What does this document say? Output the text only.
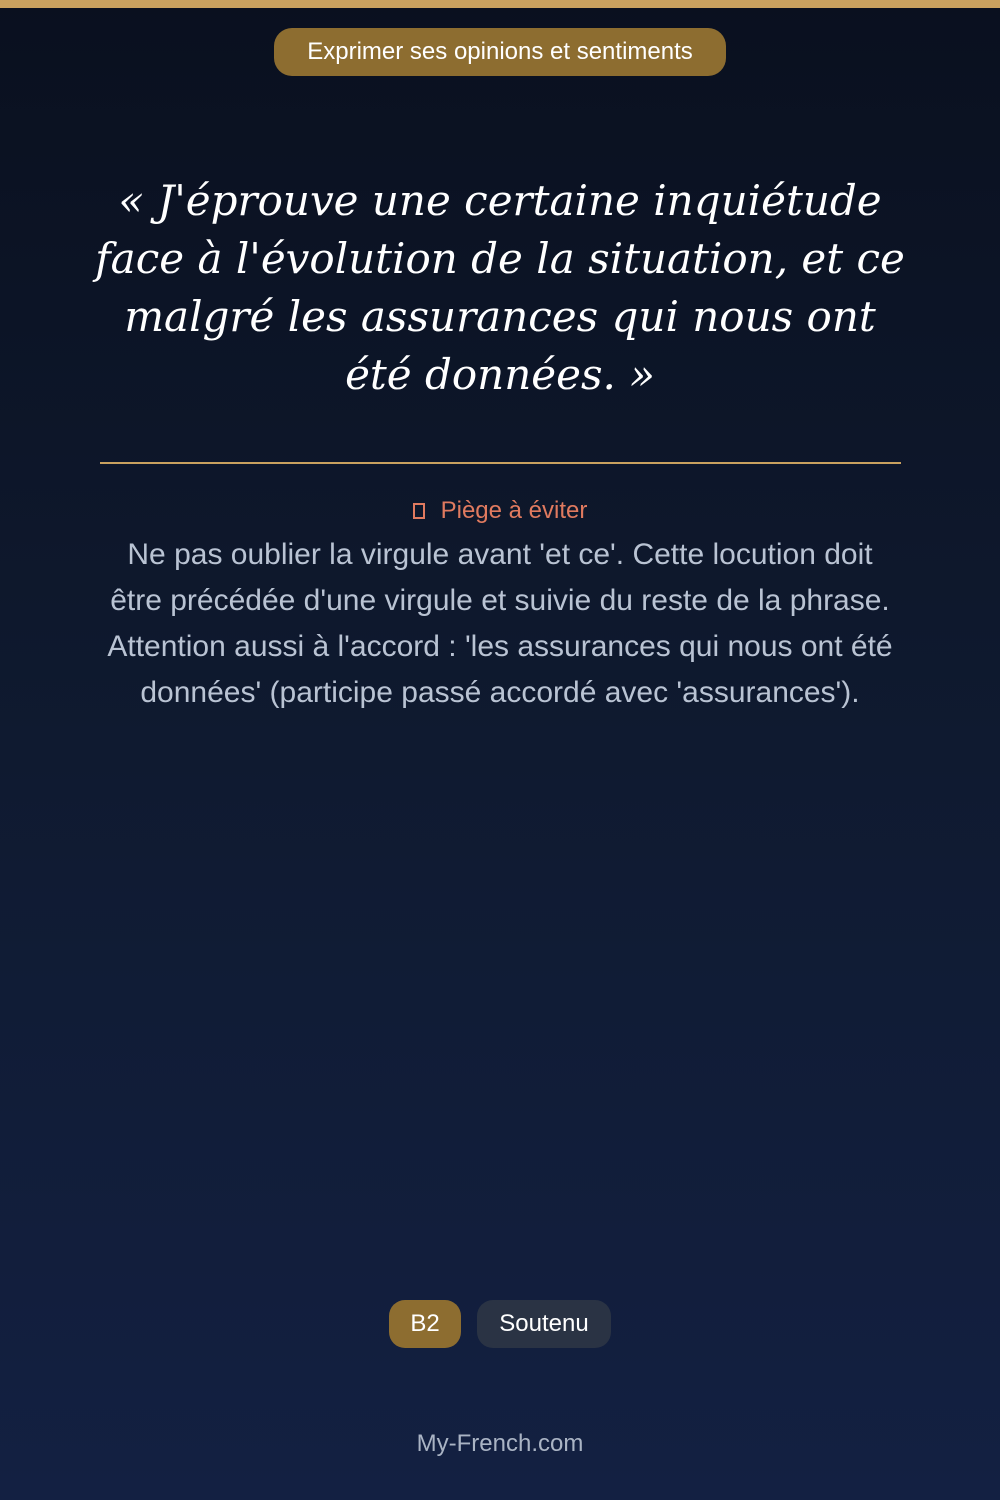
Exprimer ses opinions et sentiments

« J'éprouve une certaine inquiétude face à l'évolution de la situation, et ce malgré les assurances qui nous ont été données. »

Piège à éviter

Ne pas oublier la virgule avant 'et ce'. Cette locution doit être précédée d'une virgule et suivie du reste de la phrase. Attention aussi à l'accord : 'les assurances qui nous ont été données' (participe passé accordé avec 'assurances').

B2	Soutenu
My-French.com
